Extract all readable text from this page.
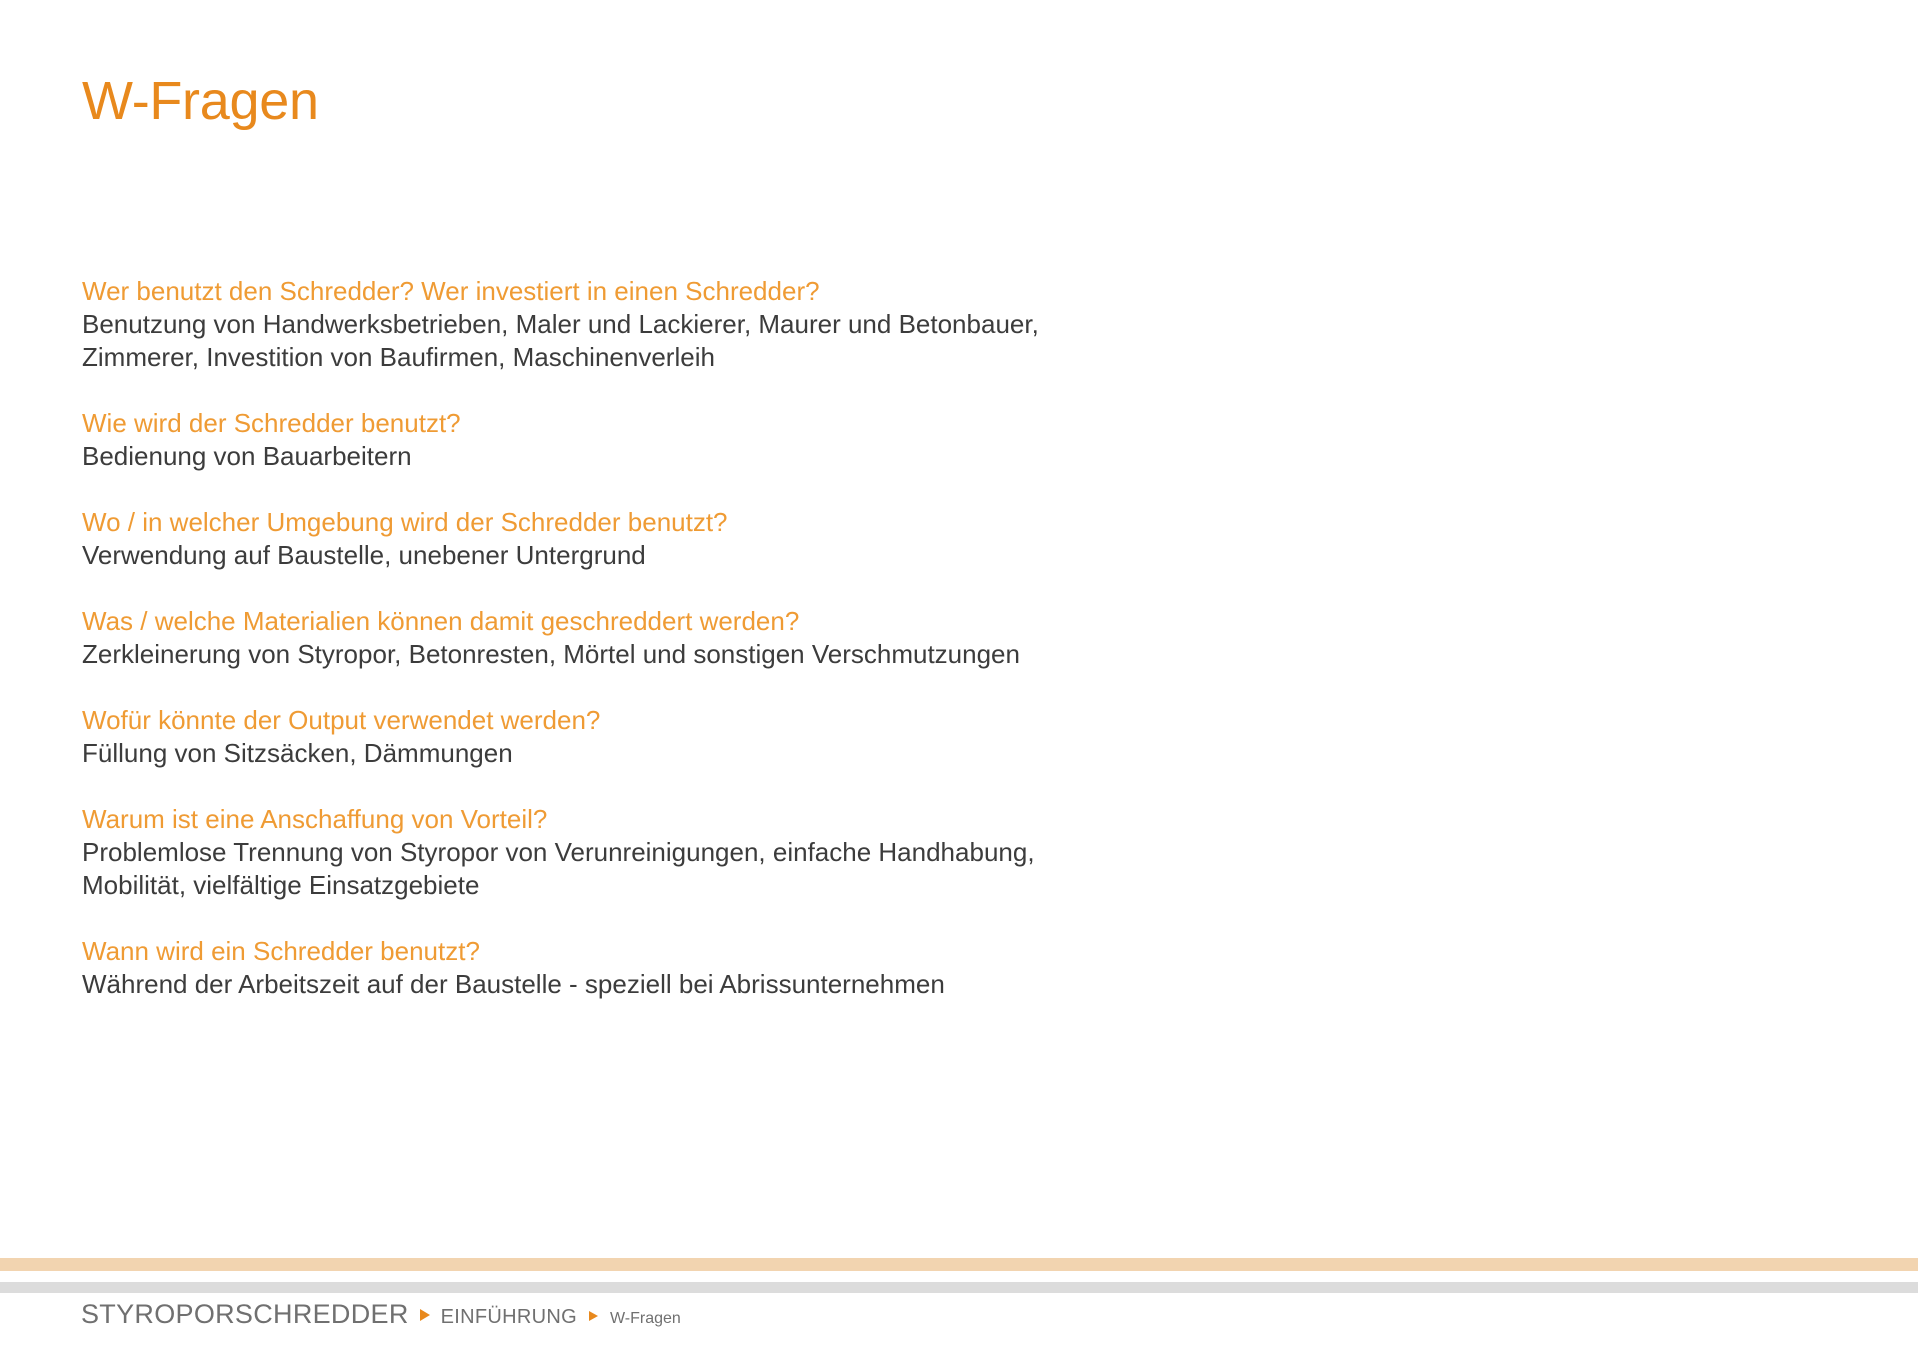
W-Fragen

Wer benutzt den Schredder? Wer investiert in einen Schredder?

Benutzung von Handwerksbetrieben, Maler und Lackierer, Maurer und Betonbauer,
Zimmerer, Investition von Baufirmen, Maschinenverleih

Wie wird der Schredder benutzt?

Bedienung von Bauarbeitern

Wo / in welcher Umgebung wird der Schredder benutzt?

Verwendung auf Baustelle, unebener Untergrund

Was / welche Materialien können damit geschreddert werden?

Zerkleinerung von Styropor, Betonresten, Mörtel und sonstigen Verschmutzungen

Wofür könnte der Output verwendet werden?

Füllung von Sitzsäcken, Dämmungen

Warum ist eine Anschaffung von Vorteil?

Problemlose Trennung von Styropor von Verunreinigungen, einfache Handhabung,
Mobilität, vielfältige Einsatzgebiete

Wann wird ein Schredder benutzt?

Während der Arbeitszeit auf der Baustelle - speziell bei Abrissunternehmen

STYROPORSCHREDDER EINFÜHRUNG W-Fragen
